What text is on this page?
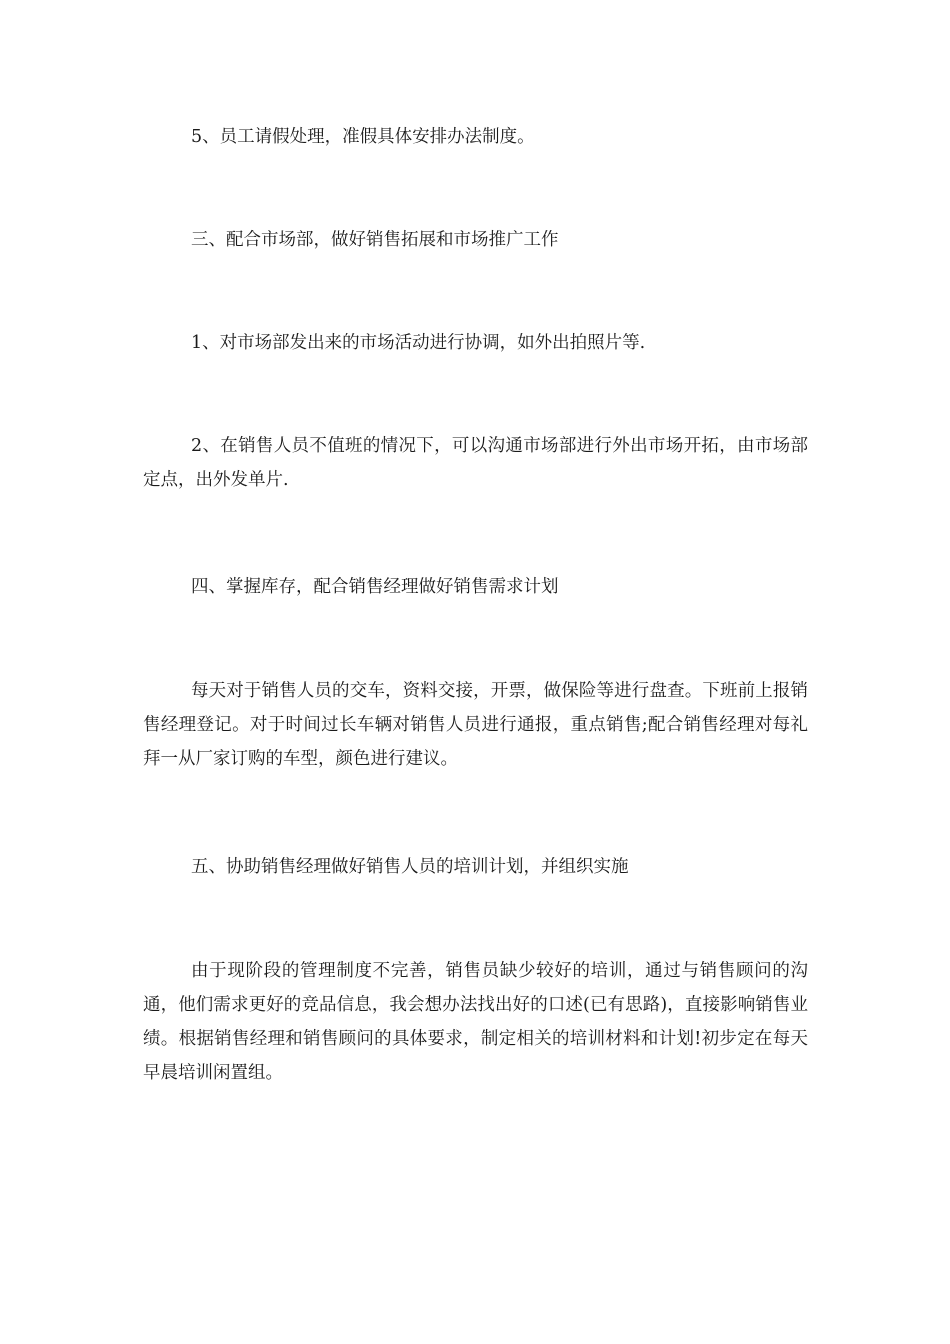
5、员工请假处理，准假具体安排办法制度。

三、配合市场部，做好销售拓展和市场推广工作

1、对市场部发出来的市场活动进行协调，如外出拍照片等.

2、在销售人员不值班的情况下，可以沟通市场部进行外出市场开拓，由市场部定点，出外发单片.

四、掌握库存，配合销售经理做好销售需求计划

每天对于销售人员的交车，资料交接，开票，做保险等进行盘查。下班前上报销售经理登记。对于时间过长车辆对销售人员进行通报，重点销售;配合销售经理对每礼拜一从厂家订购的车型，颜色进行建议。

五、协助销售经理做好销售人员的培训计划，并组织实施

由于现阶段的管理制度不完善，销售员缺少较好的培训，通过与销售顾问的沟通，他们需求更好的竞品信息，我会想办法找出好的口述(已有思路)，直接影响销售业绩。根据销售经理和销售顾问的具体要求，制定相关的培训材料和计划!初步定在每天早晨培训闲置组。
